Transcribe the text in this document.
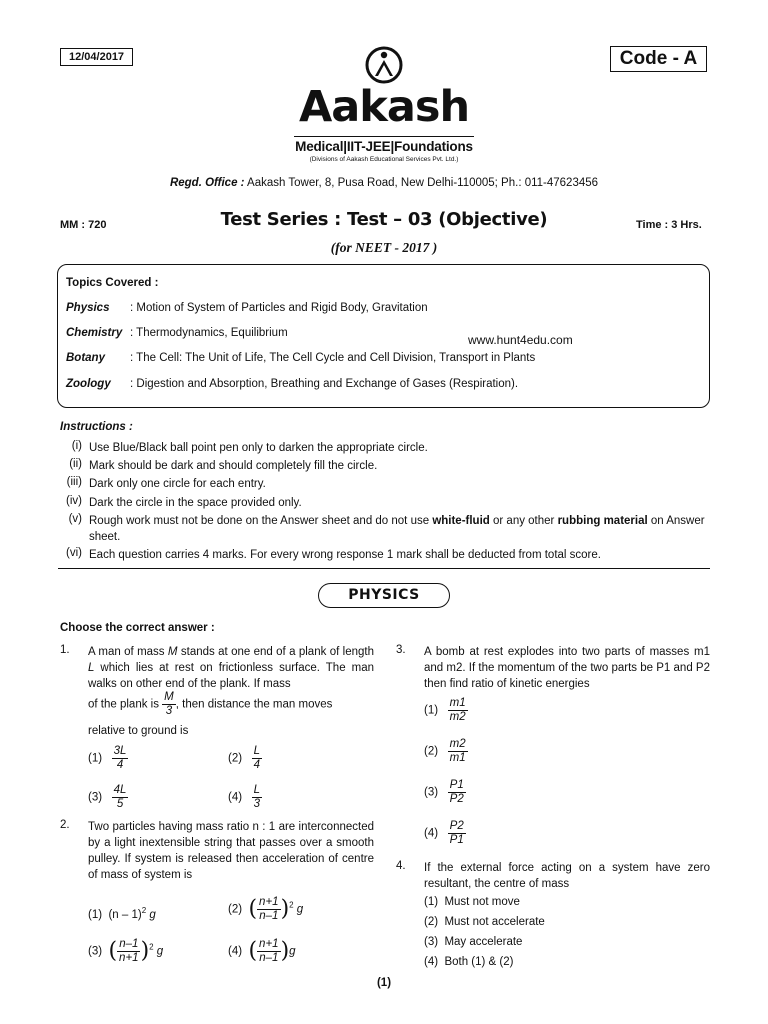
12/04/2017	Code - A
Aakash
Medical|IIT-JEE|Foundations
(Divisions of Aakash Educational Services Pvt. Ltd.)
Regd. Office : Aakash Tower, 8, Pusa Road, New Delhi-110005; Ph.: 011-47623456
MM : 720	Test Series : Test – 03 (Objective)	Time : 3 Hrs.
(for NEET - 2017 )
Topics Covered :
Physics : Motion of System of Particles and Rigid Body, Gravitation
Chemistry : Thermodynamics, Equilibrium
Botany : The Cell: The Unit of Life, The Cell Cycle and Cell Division, Transport in Plants
Zoology : Digestion and Absorption, Breathing and Exchange of Gases (Respiration).
www.hunt4edu.com
Instructions :
(i) Use Blue/Black ball point pen only to darken the appropriate circle.
(ii) Mark should be dark and should completely fill the circle.
(iii) Dark only one circle for each entry.
(iv) Dark the circle in the space provided only.
(v) Rough work must not be done on the Answer sheet and do not use white-fluid or any other rubbing material on Answer sheet.
(vi) Each question carries 4 marks. For every wrong response 1 mark shall be deducted from total score.
PHYSICS
Choose the correct answer :
1. A man of mass M stands at one end of a plank of length L which lies at rest on frictionless surface. The man walks on other end of the plank. If mass
of the plank is $\frac{M}{3}$ , then distance the man moves
relative to ground is
$(1) \frac{3L}{4}$	$(2) \frac{L}{4}$
$(3) \frac{4L}{5}$	$(4) \frac{L}{3}$
2. Two particles having mass ratio n : 1 are interconnected by a light inextensible string that passes over a smooth pulley. If system is released then acceleration of centre of mass of system is
(1) (n – 1)$^2$ g	(2) ( $\frac{n+1}{n-1} )^2$ g
(3) ( $\frac{n-1}{n+1} )^2$ g	(4) ( $\frac{n+1}{n-1} )g$
3. A bomb at rest explodes into two parts of masses m1 and m2. If the momentum of the two parts be P1 and P2 then find ratio of kinetic energies
$(1) \frac{m1}{m2}$
$(2) \frac{m2}{m1}$
$(3) \frac{P1}{P2}$
$(4) \frac{P2}{P1}$
4. If the external force acting on a system have zero resultant, the centre of mass
(1) Must not move
(2) Must not accelerate
(3) May accelerate
(4) Both (1) & (2)
(1)
